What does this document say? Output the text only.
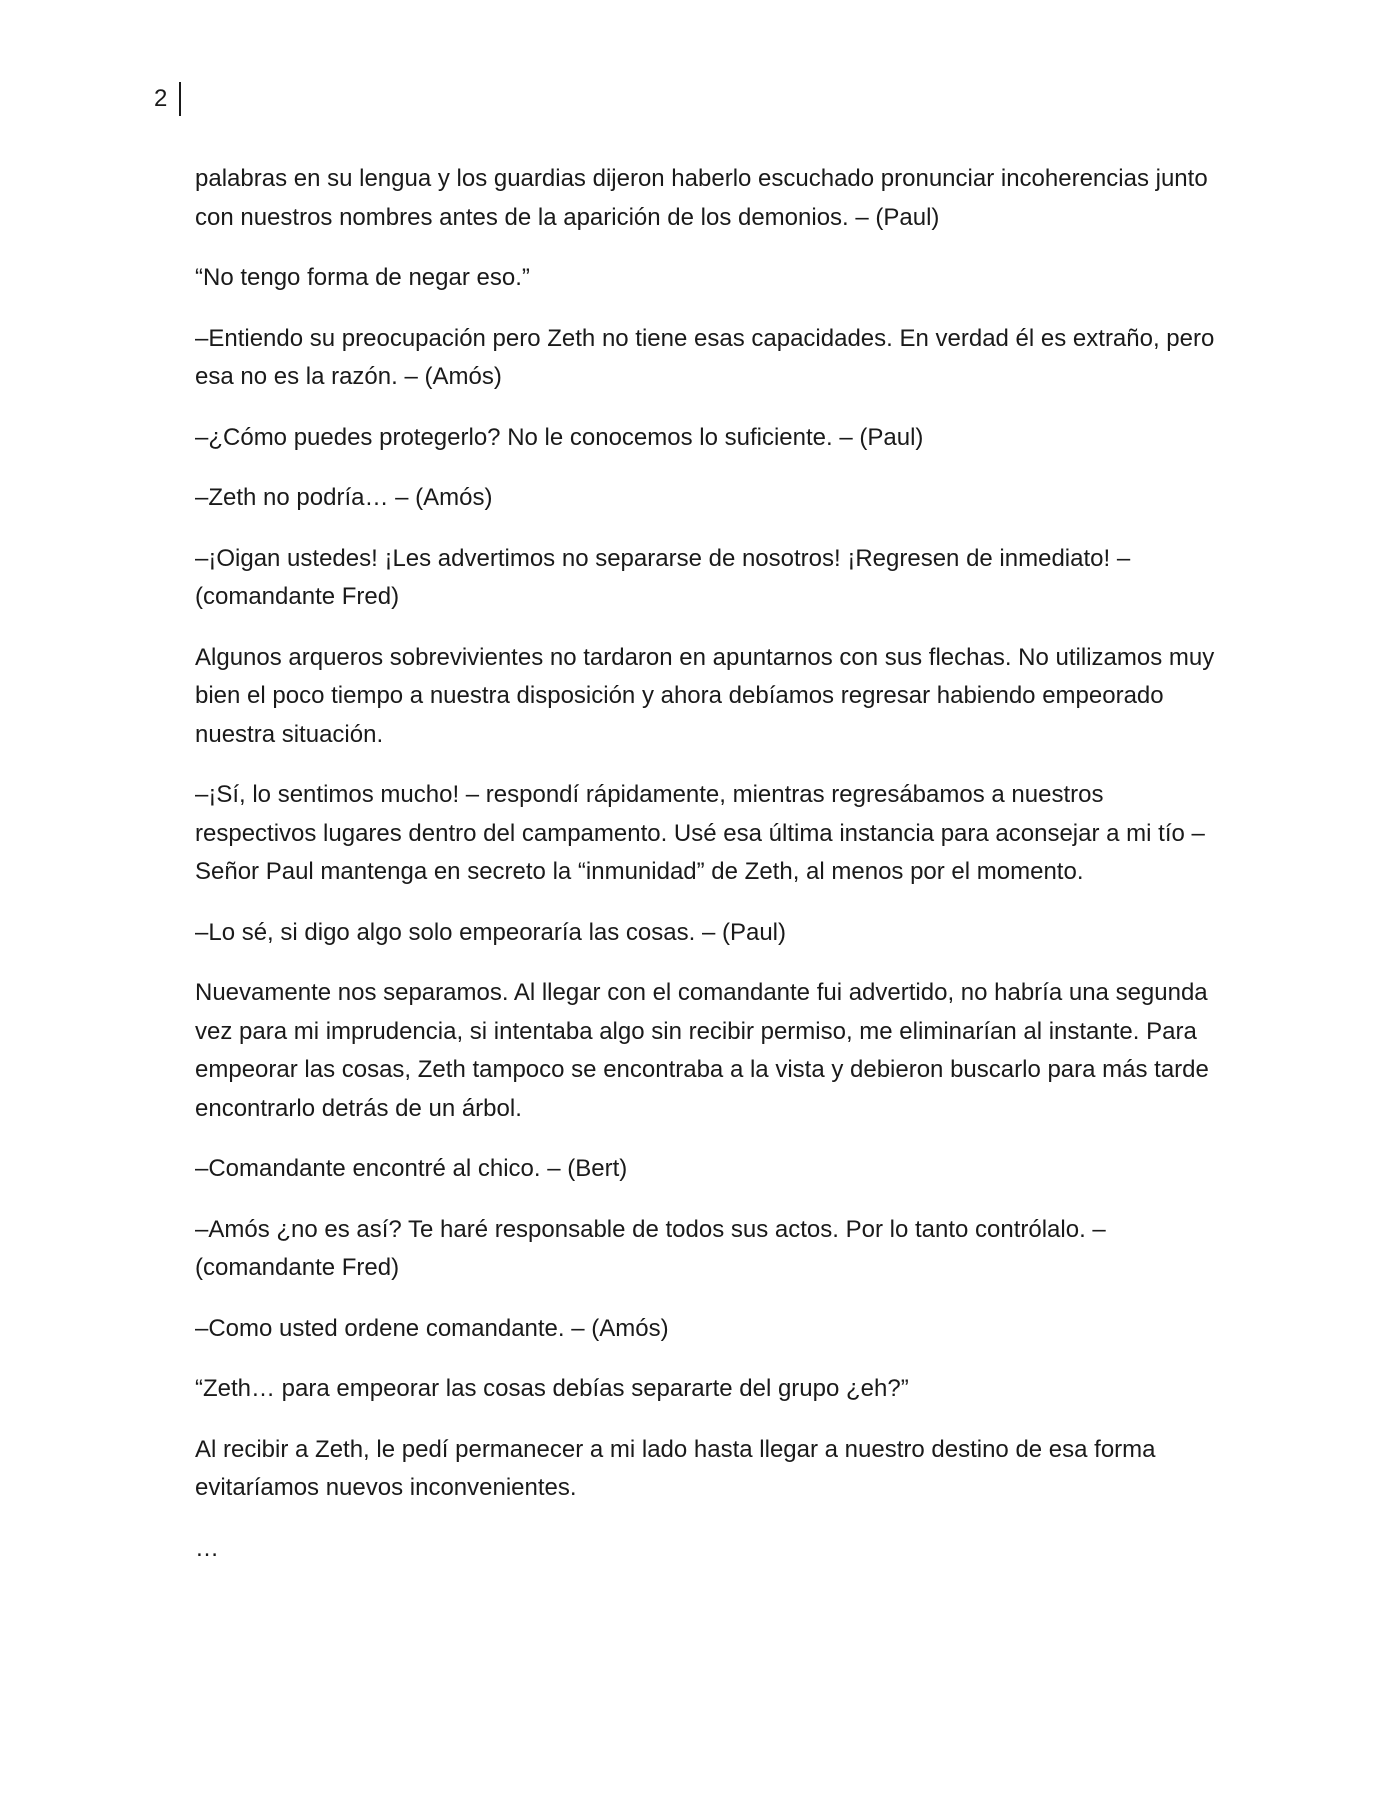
2

palabras en su lengua y los guardias dijeron haberlo escuchado pronunciar incoherencias junto con nuestros nombres antes de la aparición de los demonios. – (Paul)

“No tengo forma de negar eso.”

–Entiendo su preocupación pero Zeth no tiene esas capacidades. En verdad él es extraño, pero esa no es la razón. – (Amós)

–¿Cómo puedes protegerlo? No le conocemos lo suficiente. – (Paul)

–Zeth no podría… – (Amós)

–¡Oigan ustedes! ¡Les advertimos no separarse de nosotros! ¡Regresen de inmediato! – (comandante Fred)

Algunos arqueros sobrevivientes no tardaron en apuntarnos con sus flechas. No utilizamos muy bien el poco tiempo a nuestra disposición y ahora debíamos regresar habiendo empeorado nuestra situación.

–¡Sí, lo sentimos mucho! – respondí rápidamente, mientras regresábamos a nuestros respectivos lugares dentro del campamento. Usé esa última instancia para aconsejar a mi tío – Señor Paul mantenga en secreto la “inmunidad” de Zeth, al menos por el momento.

–Lo sé, si digo algo solo empeoraría las cosas. – (Paul)

Nuevamente nos separamos. Al llegar con el comandante fui advertido, no habría una segunda vez para mi imprudencia, si intentaba algo sin recibir permiso, me eliminarían al instante. Para empeorar las cosas, Zeth tampoco se encontraba a la vista y debieron buscarlo para más tarde encontrarlo detrás de un árbol.

–Comandante encontré al chico. – (Bert)

–Amós ¿no es así? Te haré responsable de todos sus actos. Por lo tanto contrólalo. – (comandante Fred)

–Como usted ordene comandante. – (Amós)

“Zeth… para empeorar las cosas debías separarte del grupo ¿eh?”

Al recibir a Zeth, le pedí permanecer a mi lado hasta llegar a nuestro destino de esa forma evitaríamos nuevos inconvenientes.

…
